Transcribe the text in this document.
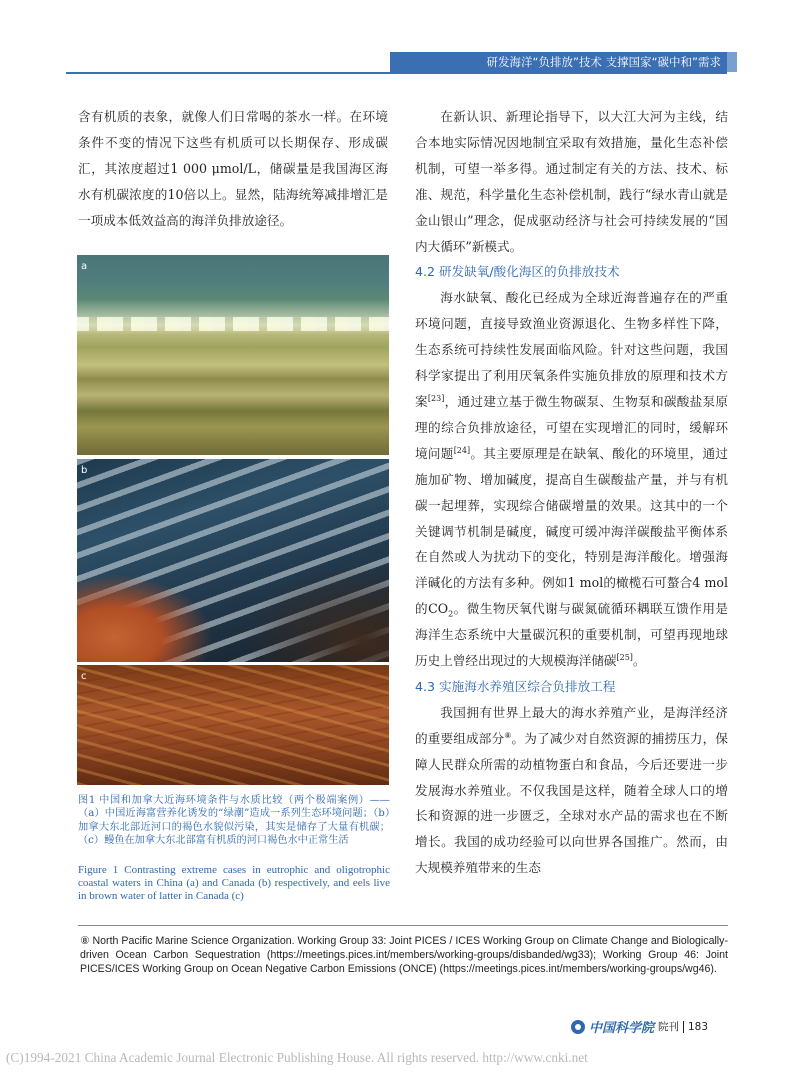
研发海洋“负排放”技术 支撑国家“碳中和”需求

含有机质的表象，就像人们日常喝的茶水一样。在环境条件不变的情况下这些有机质可以长期保存、形成碳汇，其浓度超过1 000 μmol/L，储碳量是我国海区海水有机碳浓度的10倍以上。显然，陆海统筹减排增汇是一项成本低效益高的海洋负排放途径。

a
b
c
图1 中国和加拿大近海环境条件与水质比较（两个极端案例）——（a）中国近海富营养化诱发的“绿潮”造成一系列生态环境问题；（b）加拿大东北部近河口的褐色水貌似污染，其实是储存了大量有机碳；（c）鳗鱼在加拿大东北部富有机质的河口褐色水中正常生活
Figure 1 Contrasting extreme cases in eutrophic and oligotrophic coastal waters in China (a) and Canada (b) respectively, and eels live in brown water of latter in Canada (c)

在新认识、新理论指导下，以大江大河为主线，结合本地实际情况因地制宜采取有效措施，量化生态补偿机制，可望一举多得。通过制定有关的方法、技术、标准、规范，科学量化生态补偿机制，践行“绿水青山就是金山银山”理念，促成驱动经济与社会可持续发展的“国内大循环”新模式。

4.2 研发缺氧/酸化海区的负排放技术

海水缺氧、酸化已经成为全球近海普遍存在的严重环境问题，直接导致渔业资源退化、生物多样性下降，生态系统可持续性发展面临风险。针对这些问题，我国科学家提出了利用厌氧条件实施负排放的原理和技术方案[23]，通过建立基于微生物碳泵、生物泵和碳酸盐泵原理的综合负排放途径，可望在实现增汇的同时，缓解环境问题[24]。其主要原理是在缺氧、酸化的环境里，通过施加矿物、增加碱度，提高自生碳酸盐产量，并与有机碳一起埋葬，实现综合储碳增量的效果。这其中的一个关键调节机制是碱度，碱度可缓冲海洋碳酸盐平衡体系在自然或人为扰动下的变化，特别是海洋酸化。增强海洋碱化的方法有多种。例如1 mol的橄榄石可螯合4 mol的$CO_2$。微生物厌氧代谢与碳氮硫循环耦联互馈作用是海洋生态系统中大量碳沉积的重要机制，可望再现地球历史上曾经出现过的大规模海洋储碳[25]。

4.3 实施海水养殖区综合负排放工程

我国拥有世界上最大的海水养殖产业，是海洋经济的重要组成部分⑧。为了减少对自然资源的捕捞压力，保障人民群众所需的动植物蛋白和食品，今后还要进一步发展海水养殖业。不仅我国是这样，随着全球人口的增长和资源的进一步匮乏，全球对水产品的需求也在不断增长。我国的成功经验可以向世界各国推广。然而，由大规模养殖带来的生态

⑧ North Pacific Marine Science Organization. Working Group 33: Joint PICES / ICES Working Group on Climate Change and Biologically-driven Ocean Carbon Sequestration (https://meetings.pices.int/members/working-groups/disbanded/wg33); Working Group 46: Joint PICES/ICES Working Group on Ocean Negative Carbon Emissions (ONCE) (https://meetings.pices.int/members/working-groups/wg46).
中国科学院 院刊 183
(C)1994-2021 China Academic Journal Electronic Publishing House. All rights reserved. http://www.cnki.net
